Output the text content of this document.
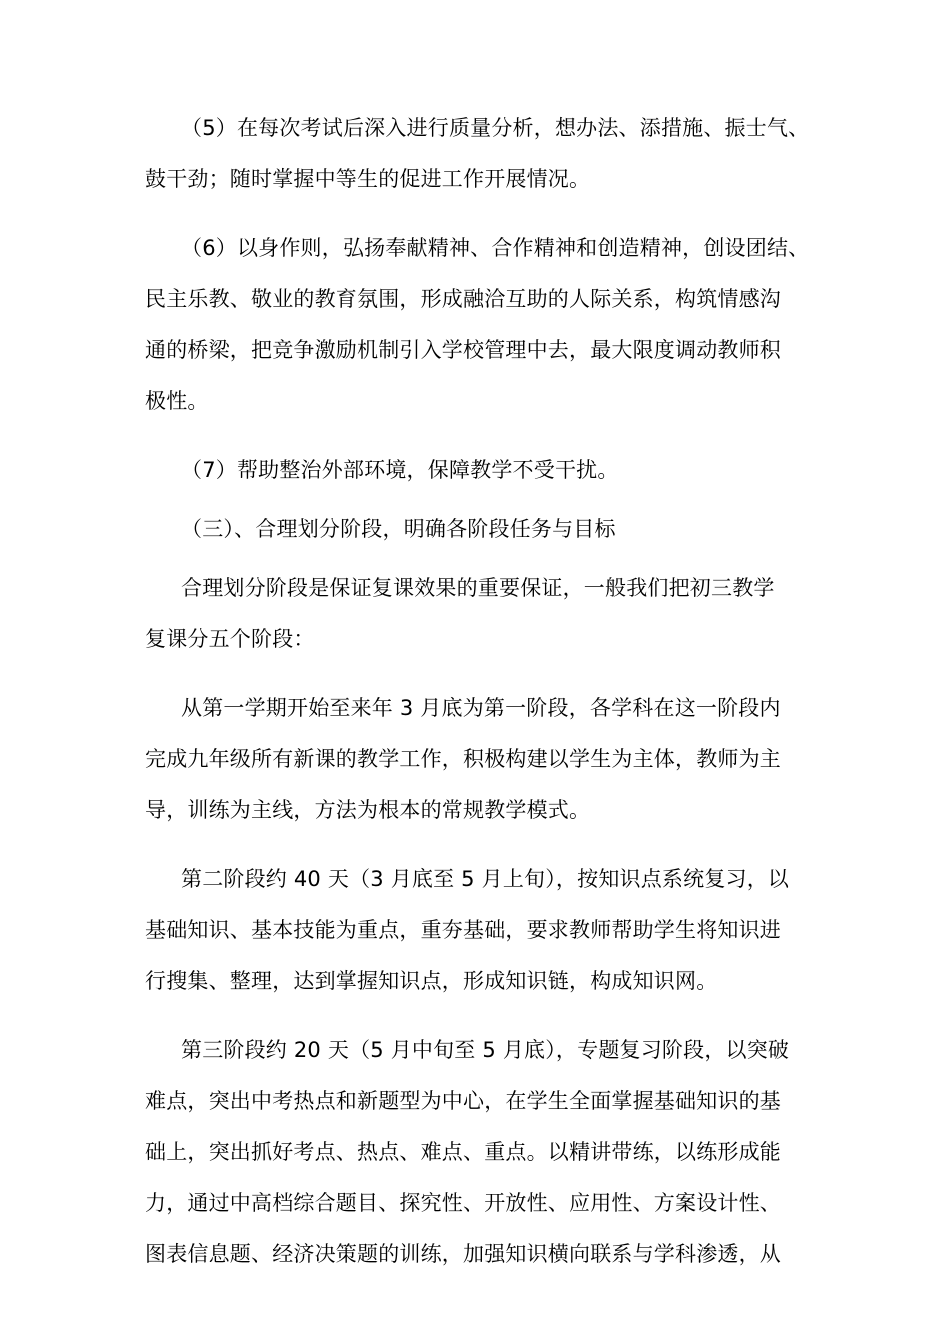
（5）在每次考试后深入进行质量分析，想办法、添措施、振士气、
鼓干劲；随时掌握中等生的促进工作开展情况。

（6）以身作则，弘扬奉献精神、合作精神和创造精神，创设团结、
民主乐教、敬业的教育氛围，形成融洽互助的人际关系，构筑情感沟
通的桥梁，把竞争激励机制引入学校管理中去，最大限度调动教师积
极性。

（7）帮助整治外部环境，保障教学不受干扰。

（三）、合理划分阶段，明确各阶段任务与目标

合理划分阶段是保证复课效果的重要保证，一般我们把初三教学
复课分五个阶段：

从第一学期开始至来年 3 月底为第一阶段，各学科在这一阶段内
完成九年级所有新课的教学工作，积极构建以学生为主体，教师为主
导，训练为主线，方法为根本的常规教学模式。

第二阶段约 40 天（3 月底至 5 月上旬），按知识点系统复习，以
基础知识、基本技能为重点，重夯基础，要求教师帮助学生将知识进
行搜集、整理，达到掌握知识点，形成知识链，构成知识网。

第三阶段约 20 天（5 月中旬至 5 月底），专题复习阶段，以突破
难点，突出中考热点和新题型为中心，在学生全面掌握基础知识的基
础上，突出抓好考点、热点、难点、重点。以精讲带练，以练形成能
力，通过中高档综合题目、探究性、开放性、应用性、方案设计性、
图表信息题、经济决策题的训练，加强知识横向联系与学科渗透，从
